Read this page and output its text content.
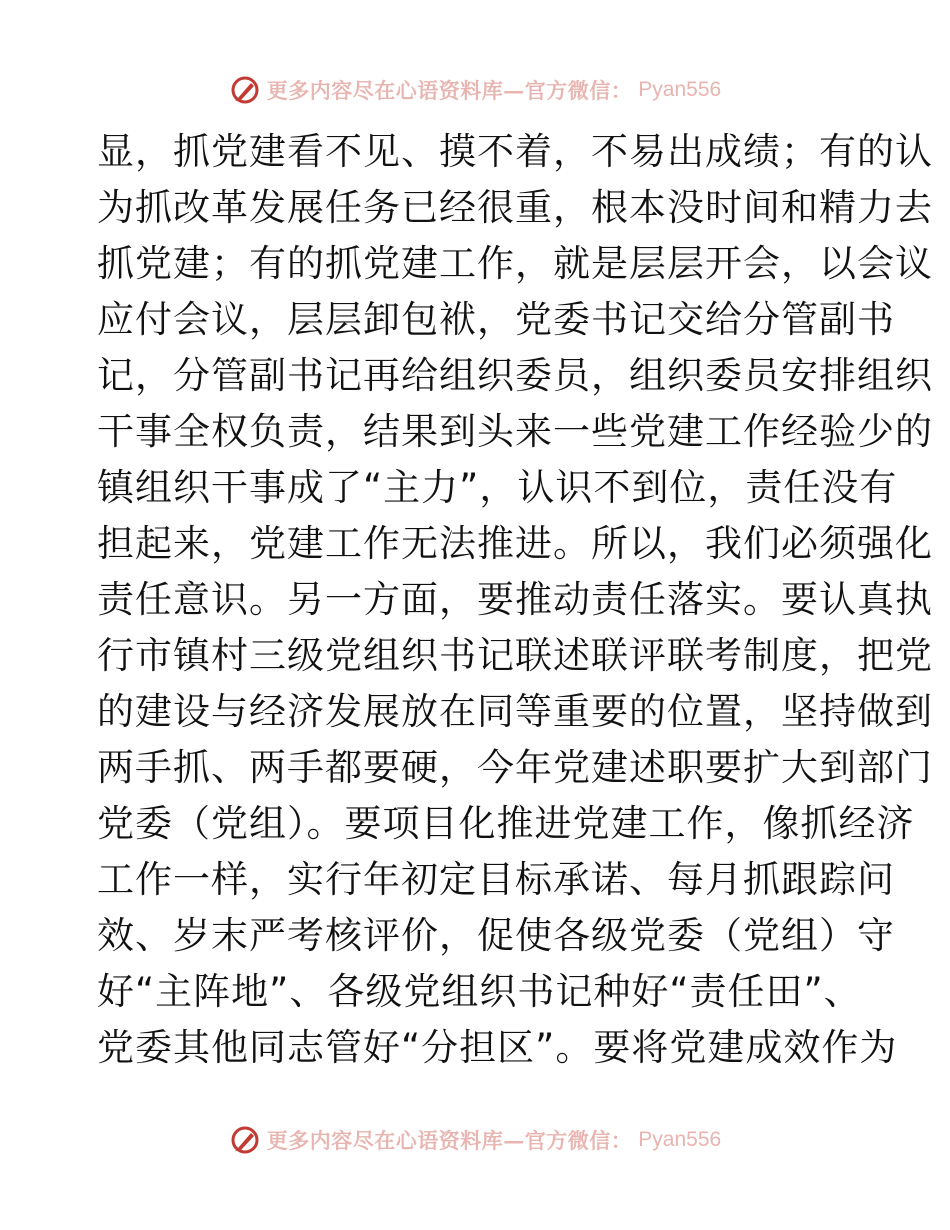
更多内容尽在心语资料库—官方微信： Pyan556
显，抓党建看不见、摸不着，不易出成绩；有的认
为抓改革发展任务已经很重，根本没时间和精力去
抓党建；有的抓党建工作，就是层层开会，以会议
应付会议，层层卸包袱，党委书记交给分管副书
记，分管副书记再给组织委员，组织委员安排组织
干事全权负责，结果到头来一些党建工作经验少的
镇组织干事成了“主力”，认识不到位，责任没有
担起来，党建工作无法推进。所以，我们必须强化
责任意识。另一方面，要推动责任落实。要认真执
行市镇村三级党组织书记联述联评联考制度，把党
的建设与经济发展放在同等重要的位置，坚持做到
两手抓、两手都要硬，今年党建述职要扩大到部门
党委（党组）。要项目化推进党建工作，像抓经济
工作一样，实行年初定目标承诺、每月抓跟踪问
效、岁末严考核评价，促使各级党委（党组）守
好“主阵地”、各级党组织书记种好“责任田”、
党委其他同志管好“分担区”。要将党建成效作为
更多内容尽在心语资料库—官方微信： Pyan556
